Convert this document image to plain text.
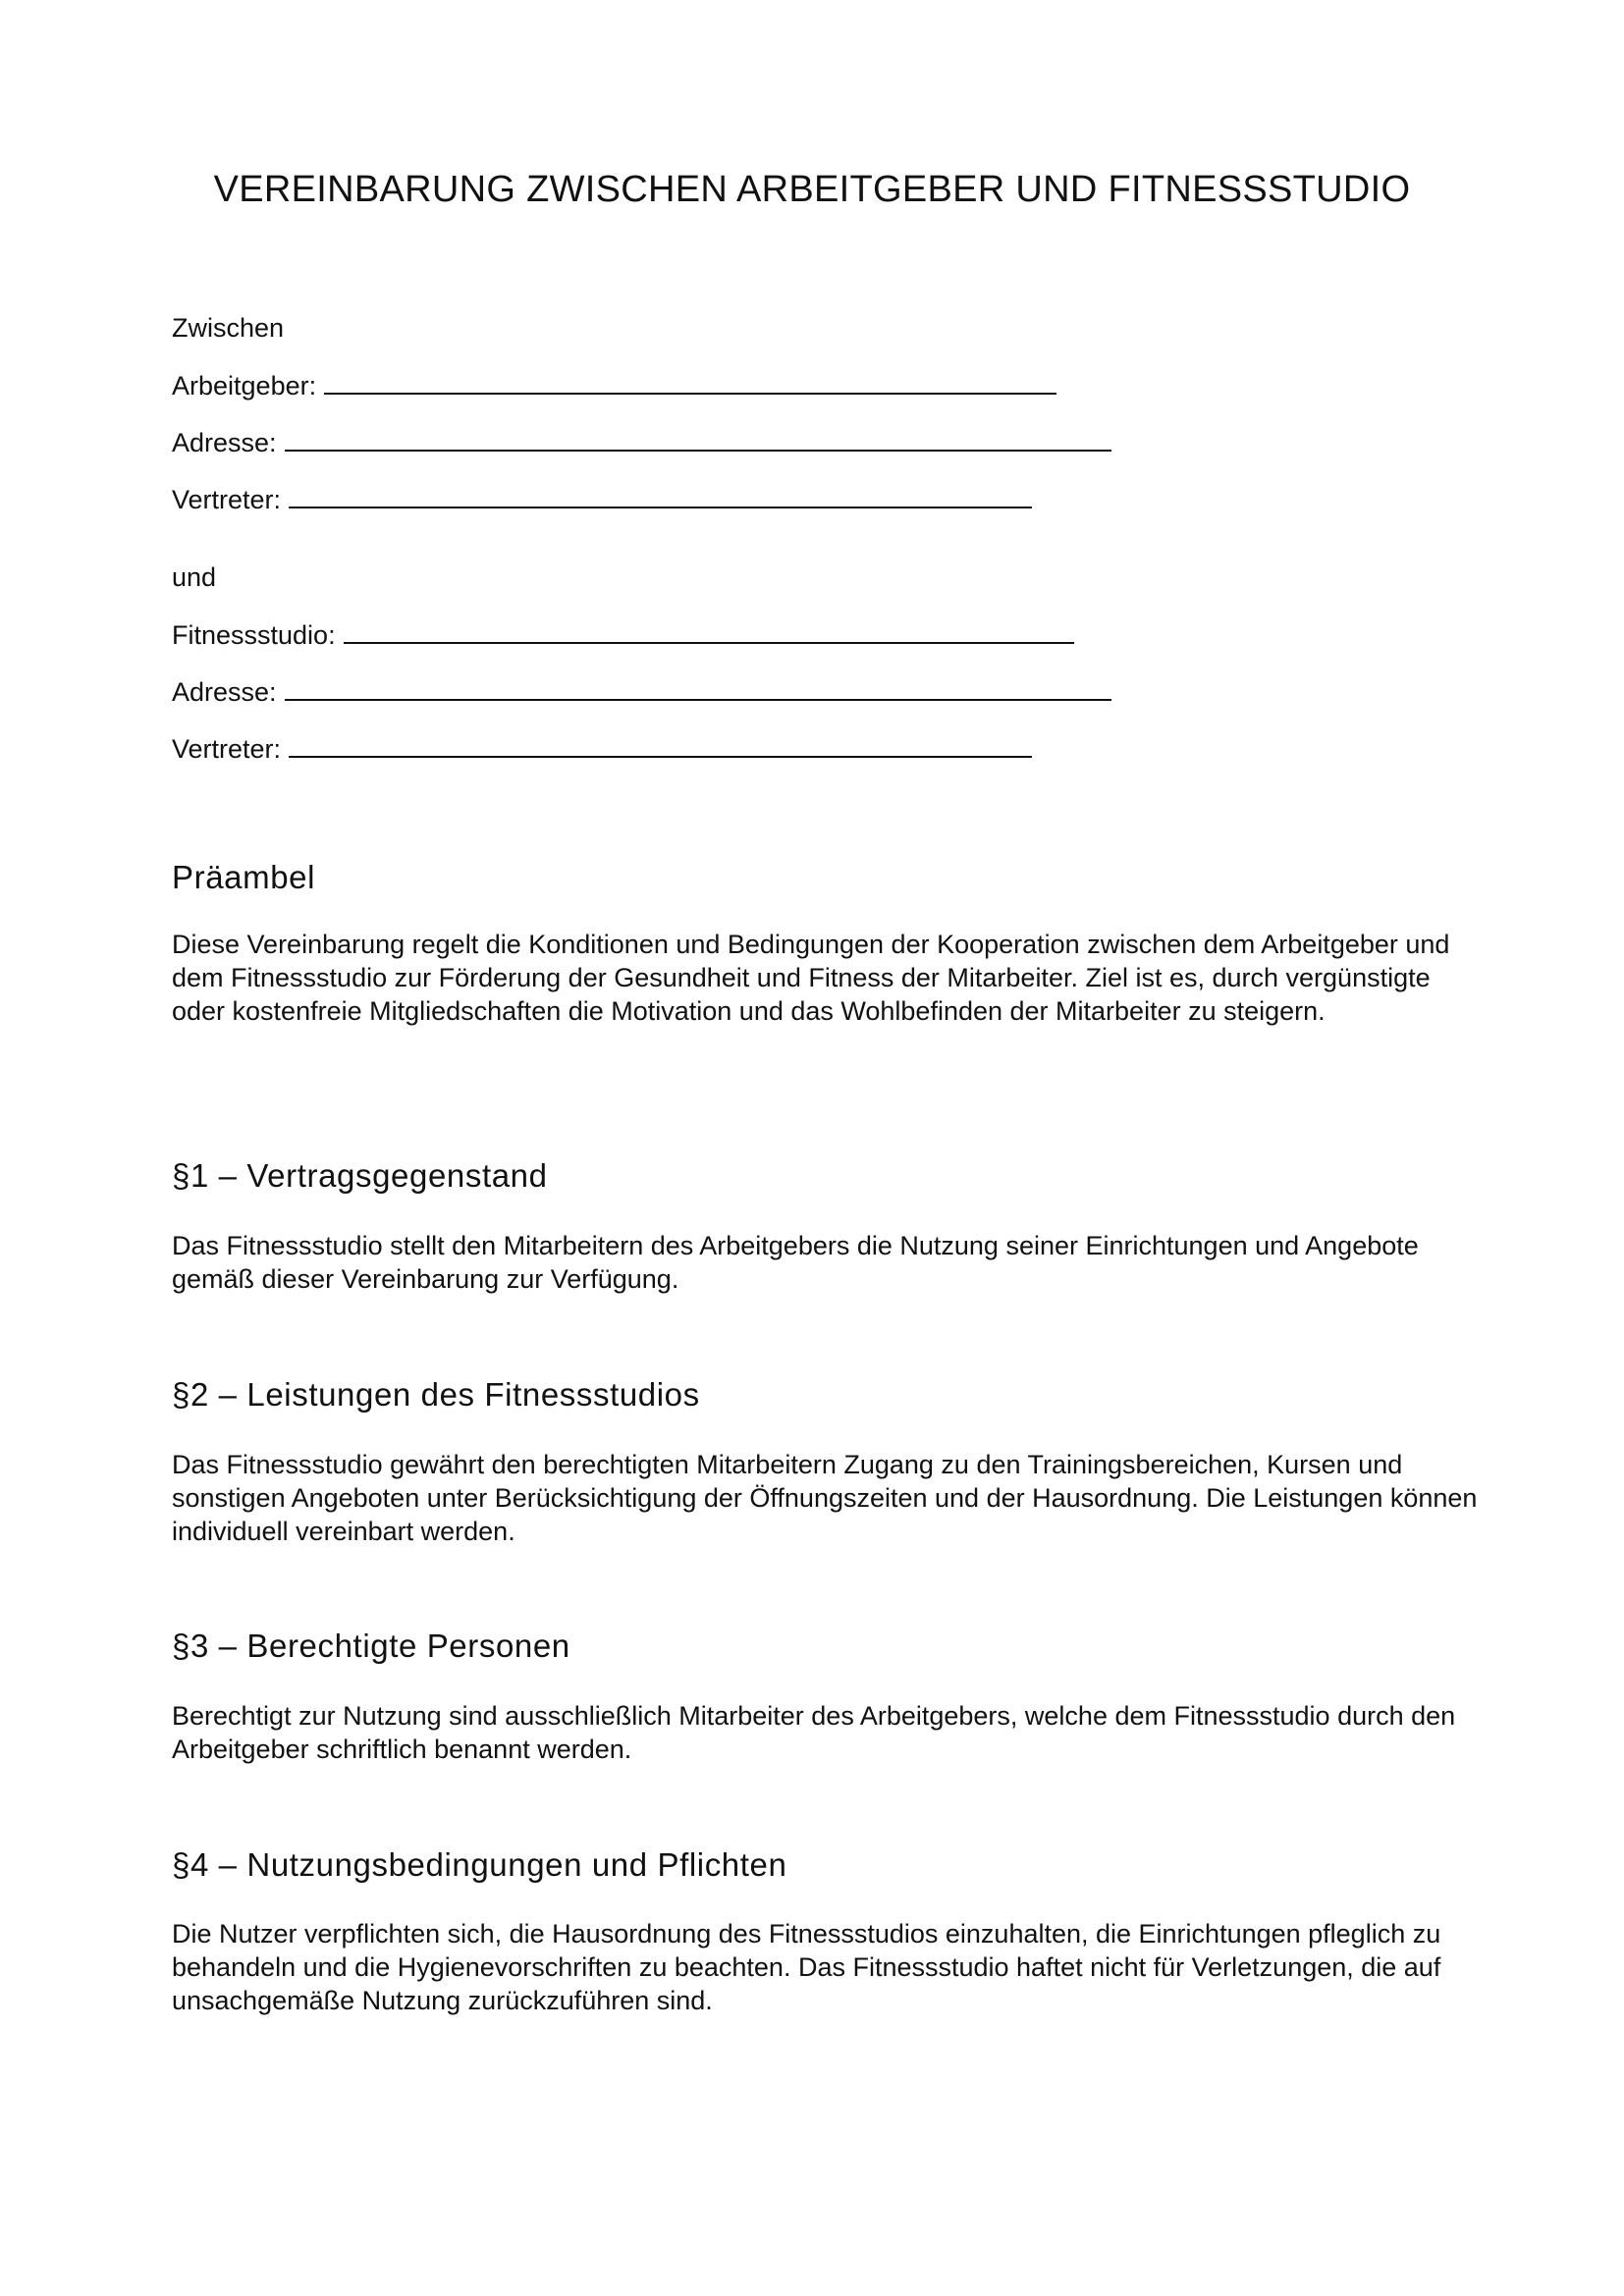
VEREINBARUNG ZWISCHEN ARBEITGEBER UND FITNESSSTUDIO

Zwischen

Arbeitgeber:

Adresse:

Vertreter:

und

Fitnessstudio:

Adresse:

Vertreter:

Präambel

Diese Vereinbarung regelt die Konditionen und Bedingungen der Kooperation zwischen dem Arbeitgeber und dem Fitnessstudio zur Förderung der Gesundheit und Fitness der Mitarbeiter. Ziel ist es, durch vergünstigte oder kostenfreie Mitgliedschaften die Motivation und das Wohlbefinden der Mitarbeiter zu steigern.

§1 – Vertragsgegenstand

Das Fitnessstudio stellt den Mitarbeitern des Arbeitgebers die Nutzung seiner Einrichtungen und Angebote gemäß dieser Vereinbarung zur Verfügung.

§2 – Leistungen des Fitnessstudios

Das Fitnessstudio gewährt den berechtigten Mitarbeitern Zugang zu den Trainingsbereichen, Kursen und sonstigen Angeboten unter Berücksichtigung der Öffnungszeiten und der Hausordnung. Die Leistungen können individuell vereinbart werden.

§3 – Berechtigte Personen

Berechtigt zur Nutzung sind ausschließlich Mitarbeiter des Arbeitgebers, welche dem Fitnessstudio durch den Arbeitgeber schriftlich benannt werden.

§4 – Nutzungsbedingungen und Pflichten

Die Nutzer verpflichten sich, die Hausordnung des Fitnessstudios einzuhalten, die Einrichtungen pfleglich zu behandeln und die Hygienevorschriften zu beachten. Das Fitnessstudio haftet nicht für Verletzungen, die auf unsachgemäße Nutzung zurückzuführen sind.
